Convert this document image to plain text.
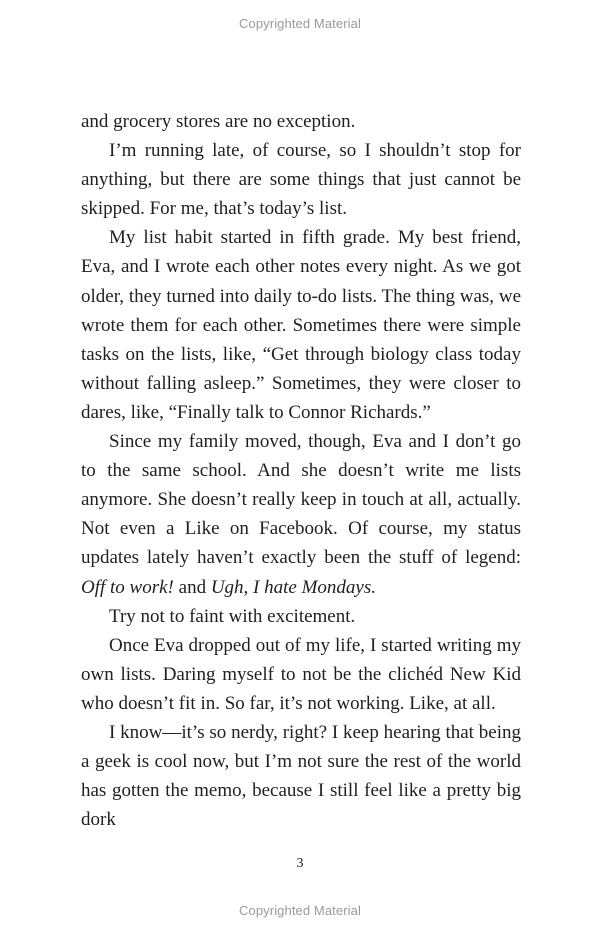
Copyrighted Material

and grocery stores are no exception.

I’m running late, of course, so I shouldn’t stop for anything, but there are some things that just cannot be skipped. For me, that’s today’s list.

My list habit started in fifth grade. My best friend, Eva, and I wrote each other notes every night. As we got older, they turned into daily to-do lists. The thing was, we wrote them for each other. Sometimes there were simple tasks on the lists, like, “Get through biology class today without falling asleep.” Sometimes, they were closer to dares, like, “Finally talk to Connor Richards.”

Since my family moved, though, Eva and I don’t go to the same school. And she doesn’t write me lists anymore. She doesn’t really keep in touch at all, actually. Not even a Like on Facebook. Of course, my status updates lately haven’t exactly been the stuff of legend: Off to work! and Ugh, I hate Mondays.

Try not to faint with excitement.

Once Eva dropped out of my life, I started writing my own lists. Daring myself to not be the clichéd New Kid who doesn’t fit in. So far, it’s not working. Like, at all.

I know—it’s so nerdy, right? I keep hearing that being a geek is cool now, but I’m not sure the rest of the world has gotten the memo, because I still feel like a pretty big dork

3
Copyrighted Material
